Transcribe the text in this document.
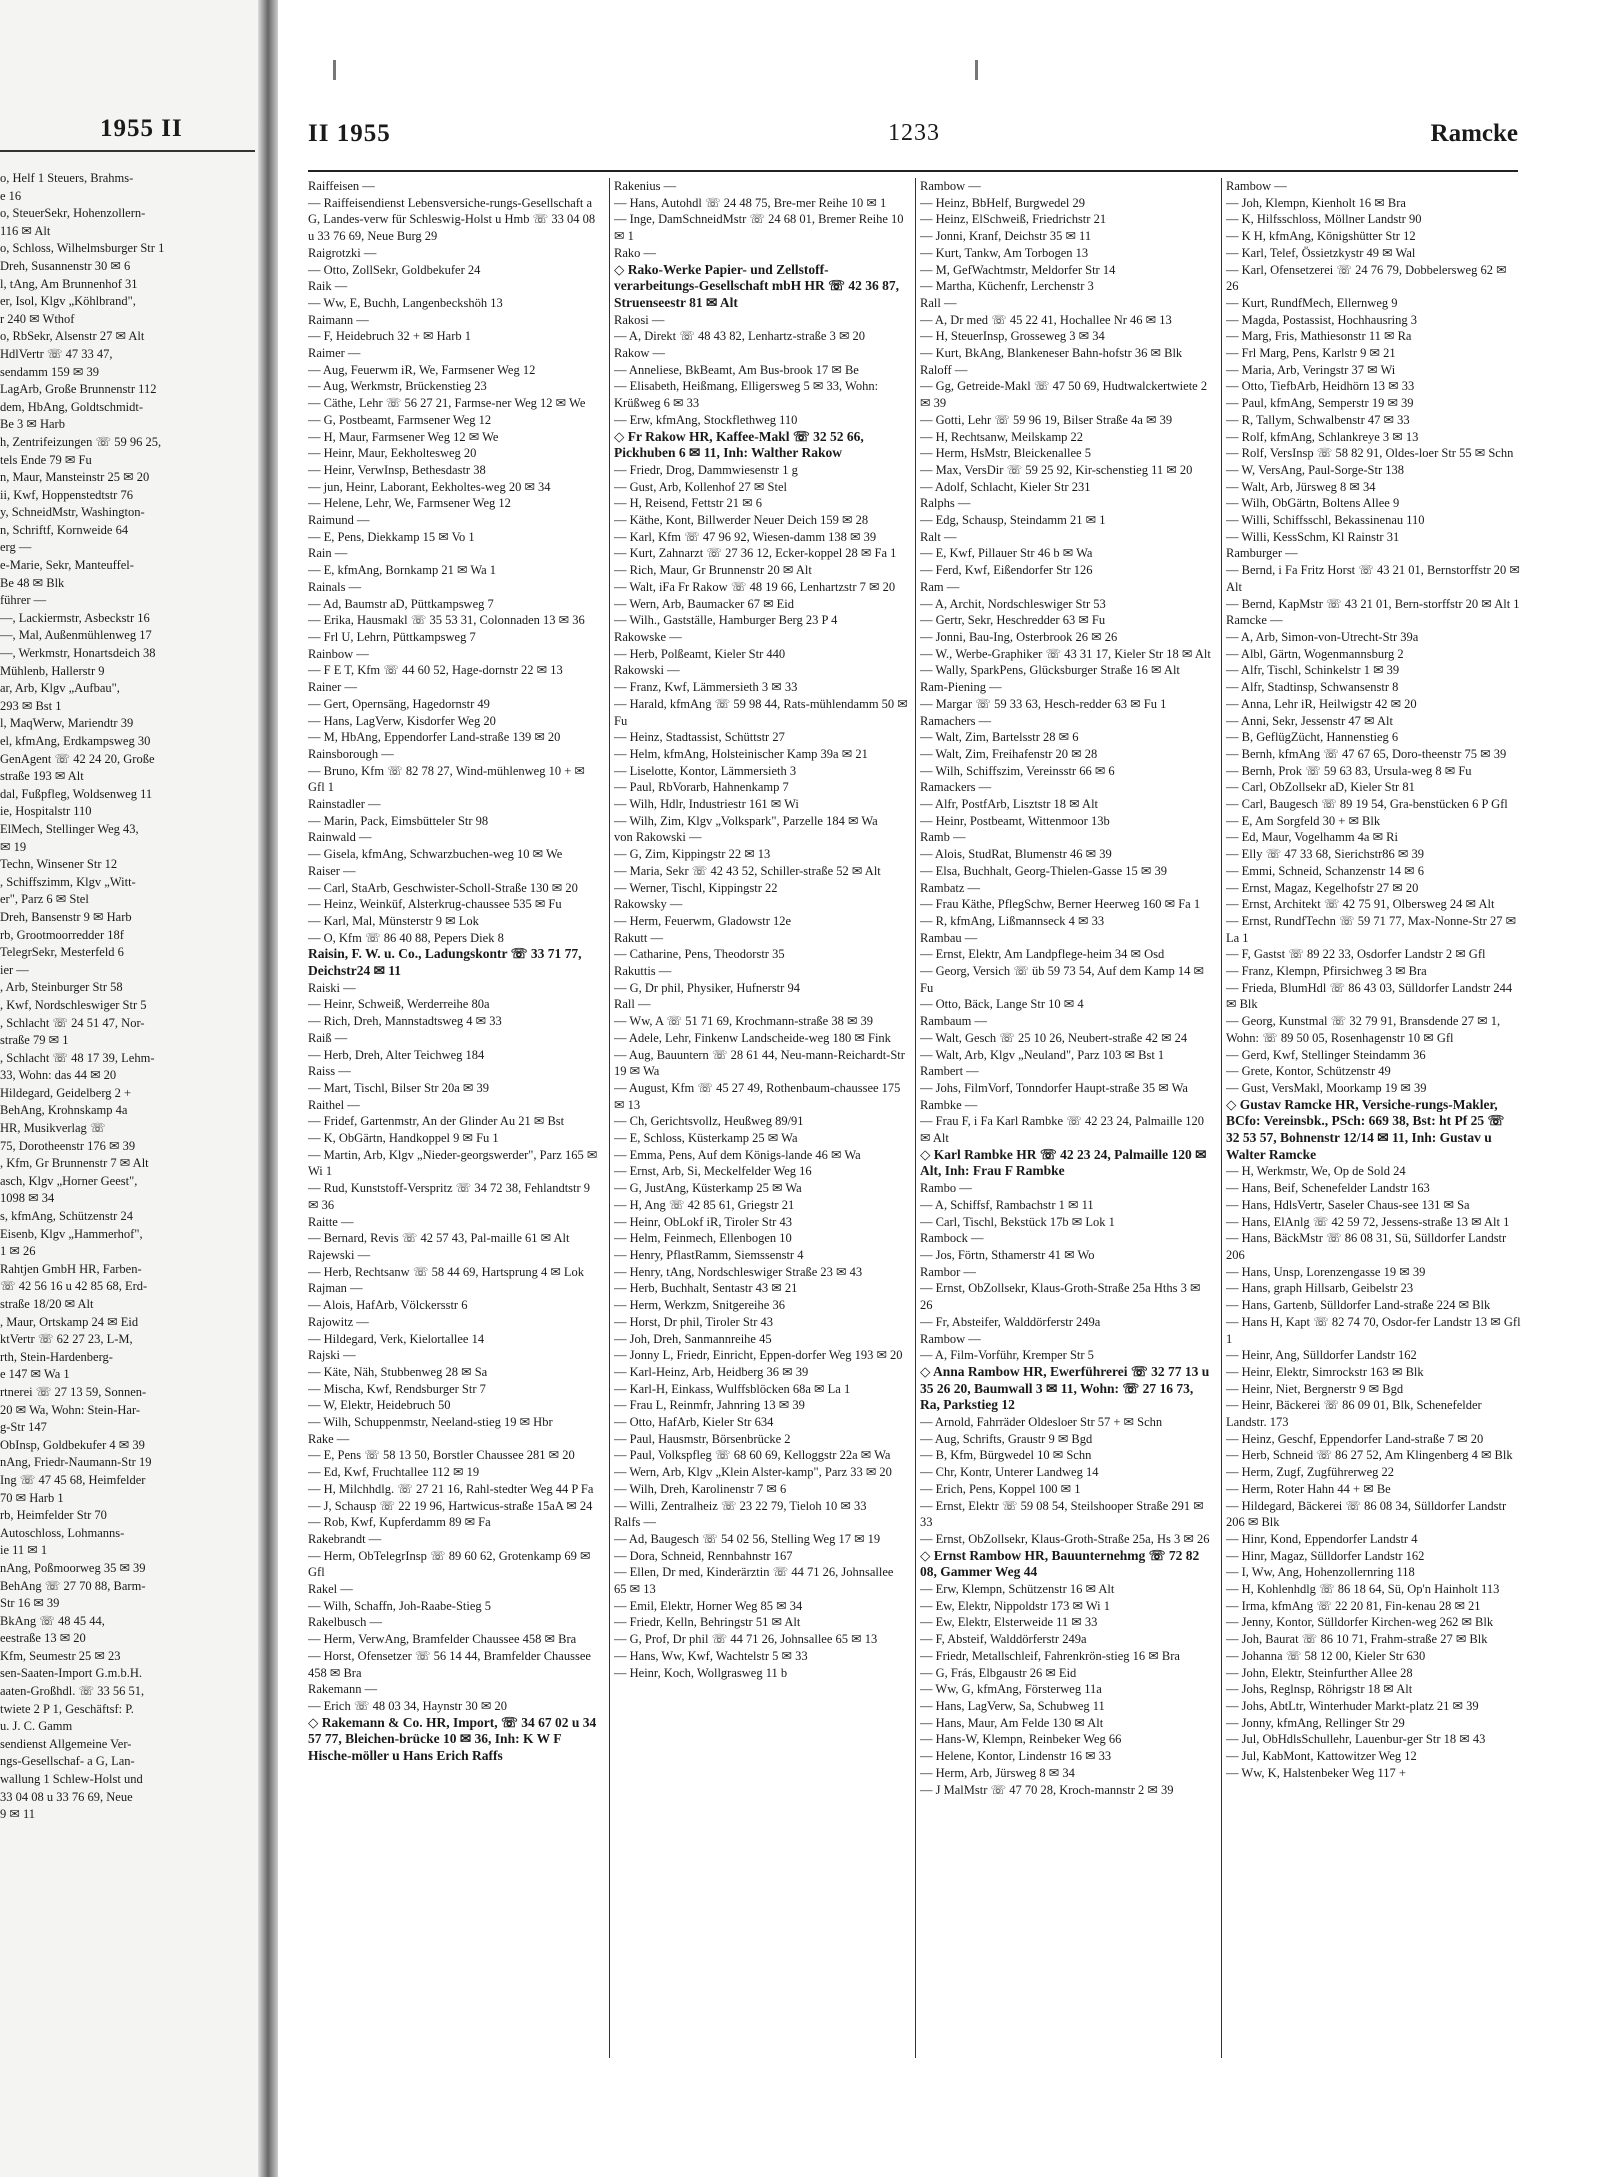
1955 II
o, Helf 1 Steuers, Brahms-
e 16
o, SteuerSekr, Hohenzollern-
116 ✉ Alt
o, Schloss, Wilhelmsburger Str 1
Dreh, Susannenstr 30 ✉ 6
l, tAng, Am Brunnenhof 31
er, Isol, Klgv „Köhlbrand",
r 240 ✉ Wthof
o, RbSekr, Alsenstr 27 ✉ Alt
HdlVertr ☏ 47 33 47,
sendamm 159 ✉ 39
LagArb, Große Brunnenstr 112
dem, HbAng, Goldtschmidt-
Be 3 ✉ Harb
h, Zentrifeizungen ☏ 59 96 25,
tels Ende 79 ✉ Fu
n, Maur, Mansteinstr 25 ✉ 20
ii, Kwf, Hoppenstedtstr 76
y, SchneidMstr, Washington-
n, Schriftf, Kornweide 64
erg —
e-Marie, Sekr, Manteuffel-
Be 48 ✉ Blk
führer —
—, Lackiermstr, Asbeckstr 16
—, Mal, Außenmühlenweg 17
—, Werkmstr, Honartsdeich 38
Mühlenb, Hallerstr 9
ar, Arb, Klgv „Aufbau",
293 ✉ Bst 1
l, MaqWerw, Mariendtr 39
el, kfmAng, Erdkampsweg 30
GenAgent ☏ 42 24 20, Große
straße 193 ✉ Alt
dal, Fußpfleg, Woldsenweg 11
ie, Hospitalstr 110
ElMech, Stellinger Weg 43,
✉ 19
Techn, Winsener Str 12
, Schiffszimm, Klgv „Witt-
er", Parz 6 ✉ Stel
Dreh, Bansenstr 9 ✉ Harb
rb, Grootmoorredder 18f
TelegrSekr, Mesterfeld 6
ier —
, Arb, Steinburger Str 58
, Kwf, Nordschleswiger Str 5
, Schlacht ☏ 24 51 47, Nor-
straße 79 ✉ 1
, Schlacht ☏ 48 17 39, Lehm-
33, Wohn: das 44 ✉ 20
Hildegard, Geidelberg 2 +
BehAng, Krohnskamp 4a
HR, Musikverlag ☏
75, Dorotheenstr 176 ✉ 39
, Kfm, Gr Brunnenstr 7 ✉ Alt
asch, Klgv „Horner Geest",
1098 ✉ 34
s, kfmAng, Schützenstr 24
Eisenb, Klgv „Hammerhof",
1 ✉ 26
Rahtjen GmbH HR, Farben-
☏ 42 56 16 u 42 85 68, Erd-
straße 18/20 ✉ Alt
, Maur, Ortskamp 24 ✉ Eid
ktVertr ☏ 62 27 23, L-M,
rth, Stein-Hardenberg-
e 147 ✉ Wa 1
rtnerei ☏ 27 13 59, Sonnen-
20 ✉ Wa, Wohn: Stein-Har-
g-Str 147
ObInsp, Goldbekufer 4 ✉ 39
nAng, Friedr-Naumann-Str 19
Ing ☏ 47 45 68, Heimfelder
70 ✉ Harb 1
rb, Heimfelder Str 70
Autoschloss, Lohmanns-
ie 11 ✉ 1
nAng, Poßmoorweg 35 ✉ 39
BehAng ☏ 27 70 88, Barm-
Str 16 ✉ 39
BkAng ☏ 48 45 44,
eestraße 13 ✉ 20
Kfm, Seumestr 25 ✉ 23
sen-Saaten-Import G.m.b.H.
aaten-Großhdl. ☏ 33 56 51,
twiete 2 P 1, Geschäftsf: P.
u. J. C. Gamm
sendienst Allgemeine Ver-
ngs-Gesellschaf- a G, Lan-
wallung 1 Schlew-Holst und
33 04 08 u 33 76 69, Neue
9 ✉ 11
II 1955	1233	Ramcke

Raiffeisen —

— Raiffeisendienst Lebensversiche-rungs-Gesellschaft a G, Landes-verw für Schleswig-Holst u Hmb ☏ 33 04 08 u 33 76 69, Neue Burg 29

Raigrotzki —

— Otto, ZollSekr, Goldbekufer 24

Raik —

— Ww, E, Buchh, Langenbeckshöh 13

Raimann —

— F, Heidebruch 32 + ✉ Harb 1

Raimer —

— Aug, Feuerwm iR, We, Farmsener Weg 12

— Aug, Werkmstr, Brückenstieg 23

— Cäthe, Lehr ☏ 56 27 21, Farmse-ner Weg 12 ✉ We

— G, Postbeamt, Farmsener Weg 12

— H, Maur, Farmsener Weg 12 ✉ We

— Heinr, Maur, Eekholtesweg 20

— Heinr, VerwInsp, Bethesdastr 38

— jun, Heinr, Laborant, Eekholtes-weg 20 ✉ 34

— Helene, Lehr, We, Farmsener Weg 12

Raimund —

— E, Pens, Diekkamp 15 ✉ Vo 1

Rain —

— E, kfmAng, Bornkamp 21 ✉ Wa 1

Rainals —

— Ad, Baumstr aD, Püttkampsweg 7

— Erika, Hausmakl ☏ 35 53 31, Colonnaden 13 ✉ 36

— Frl U, Lehrn, Püttkampsweg 7

Rainbow —

— F E T, Kfm ☏ 44 60 52, Hage-dornstr 22 ✉ 13

Rainer —

— Gert, Opernsäng, Hagedornstr 49

— Hans, LagVerw, Kisdorfer Weg 20

— M, HbAng, Eppendorfer Land-straße 139 ✉ 20

Rainsborough —

— Bruno, Kfm ☏ 82 78 27, Wind-mühlenweg 10 + ✉ Gfl 1

Rainstadler —

— Marin, Pack, Eimsbütteler Str 98

Rainwald —

— Gisela, kfmAng, Schwarzbuchen-weg 10 ✉ We

Raiser —

— Carl, StaArb, Geschwister-Scholl-Straße 130 ✉ 20

— Heinz, Weinküf, Alsterkrug-chaussee 535 ✉ Fu

— Karl, Mal, Münsterstr 9 ✉ Lok

— O, Kfm ☏ 86 40 88, Pepers Diek 8

Raisin, F. W. u. Co., Ladungskontr ☏ 33 71 77, Deichstr24 ✉ 11

Raiski —

— Heinr, Schweiß, Werderreihe 80a

— Rich, Dreh, Mannstadtsweg 4 ✉ 33

Raiß —

— Herb, Dreh, Alter Teichweg 184

Raiss —

— Mart, Tischl, Bilser Str 20a ✉ 39

Raithel —

— Fridef, Gartenmstr, An der Glinder Au 21 ✉ Bst

— K, ObGärtn, Handkoppel 9 ✉ Fu 1

— Martin, Arb, Klgv „Nieder-georgswerder", Parz 165 ✉ Wi 1

— Rud, Kunststoff-Verspritz ☏ 34 72 38, Fehlandtstr 9 ✉ 36

Raitte —

— Bernard, Revis ☏ 42 57 43, Pal-maille 61 ✉ Alt

Rajewski —

— Herb, Rechtsanw ☏ 58 44 69, Hartsprung 4 ✉ Lok

Rajman —

— Alois, HafArb, Völckersstr 6

Rajowitz —

— Hildegard, Verk, Kielortallee 14

Rajski —

— Käte, Näh, Stubbenweg 28 ✉ Sa

— Mischa, Kwf, Rendsburger Str 7

— W, Elektr, Heidebruch 50

— Wilh, Schuppenmstr, Neeland-stieg 19 ✉ Hbr

Rake —

— E, Pens ☏ 58 13 50, Borstler Chaussee 281 ✉ 20

— Ed, Kwf, Fruchtallee 112 ✉ 19

— H, Milchhdlg. ☏ 27 21 16, Rahl-stedter Weg 44 P Fa

— J, Schausp ☏ 22 19 96, Hartwicus-straße 15aA ✉ 24

— Rob, Kwf, Kupferdamm 89 ✉ Fa

Rakebrandt —

— Herm, ObTelegrInsp ☏ 89 60 62, Grotenkamp 69 ✉ Gfl

Rakel —

— Wilh, Schaffn, Joh-Raabe-Stieg 5

Rakelbusch —

— Herm, VerwAng, Bramfelder Chaussee 458 ✉ Bra

— Horst, Ofensetzer ☏ 56 14 44, Bramfelder Chaussee 458 ✉ Bra

Rakemann —

— Erich ☏ 48 03 34, Haynstr 30 ✉ 20

◇ Rakemann & Co. HR, Import, ☏ 34 67 02 u 34 57 77, Bleichen-brücke 10 ✉ 36, Inh: K W F Hische-möller u Hans Erich Raffs

Rakenius —

— Hans, Autohdl ☏ 24 48 75, Bre-mer Reihe 10 ✉ 1

— Inge, DamSchneidMstr ☏ 24 68 01, Bremer Reihe 10 ✉ 1

Rako —

◇ Rako-Werke Papier- und Zellstoff-verarbeitungs-Gesellschaft mbH HR ☏ 42 36 87, Struenseestr 81 ✉ Alt

Rakosi —

— A, Direkt ☏ 48 43 82, Lenhartz-straße 3 ✉ 20

Rakow —

— Anneliese, BkBeamt, Am Bus-brook 17 ✉ Be

— Elisabeth, Heißmang, Elligersweg 5 ✉ 33, Wohn: Krüßweg 6 ✉ 33

— Erw, kfmAng, Stockflethweg 110

◇ Fr Rakow HR, Kaffee-Makl ☏ 32 52 66, Pickhuben 6 ✉ 11, Inh: Walther Rakow

— Friedr, Drog, Dammwiesenstr 1 g

— Gust, Arb, Kollenhof 27 ✉ Stel

— H, Reisend, Fettstr 21 ✉ 6

— Käthe, Kont, Billwerder Neuer Deich 159 ✉ 28

— Karl, Kfm ☏ 47 96 92, Wiesen-damm 138 ✉ 39

— Kurt, Zahnarzt ☏ 27 36 12, Ecker-koppel 28 ✉ Fa 1

— Rich, Maur, Gr Brunnenstr 20 ✉ Alt

— Walt, iFa Fr Rakow ☏ 48 19 66, Lenhartzstr 7 ✉ 20

— Wern, Arb, Baumacker 67 ✉ Eid

— Wilh., Gastställe, Hamburger Berg 23 P 4

Rakowske —

— Herb, Polßeamt, Kieler Str 440

Rakowski —

— Franz, Kwf, Lämmersieth 3 ✉ 33

— Harald, kfmAng ☏ 59 98 44, Rats-mühlendamm 50 ✉ Fu

— Heinz, Stadtassist, Schüttstr 27

— Helm, kfmAng, Holsteinischer Kamp 39a ✉ 21

— Liselotte, Kontor, Lämmersieth 3

— Paul, RbVorarb, Hahnenkamp 7

— Wilh, Hdlr, Industriestr 161 ✉ Wi

— Wilh, Zim, Klgv „Volkspark", Parzelle 184 ✉ Wa

von Rakowski —

— G, Zim, Kippingstr 22 ✉ 13

— Maria, Sekr ☏ 42 43 52, Schiller-straße 52 ✉ Alt

— Werner, Tischl, Kippingstr 22

Rakowsky —

— Herm, Feuerwm, Gladowstr 12e

Rakutt —

— Catharine, Pens, Theodorstr 35

Rakuttis —

— G, Dr phil, Physiker, Hufnerstr 94

Rall —

— Ww, A ☏ 51 71 69, Krochmann-straße 38 ✉ 39

— Adele, Lehr, Finkenw Landscheide-weg 180 ✉ Fink

— Aug, Bauuntern ☏ 28 61 44, Neu-mann-Reichardt-Str 19 ✉ Wa

— August, Kfm ☏ 45 27 49, Rothenbaum-chaussee 175 ✉ 13

— Ch, Gerichtsvollz, Heußweg 89/91

— E, Schloss, Küsterkamp 25 ✉ Wa

— Emma, Pens, Auf dem Königs-lande 46 ✉ Wa

— Ernst, Arb, Si, Meckelfelder Weg 16

— G, JustAng, Küsterkamp 25 ✉ Wa

— H, Ang ☏ 42 85 61, Griegstr 21

— Heinr, ObLokf iR, Tiroler Str 43

— Helm, Feinmech, Ellenbogen 10

— Henry, PflastRamm, Siemssenstr 4

— Henry, tAng, Nordschleswiger Straße 23 ✉ 43

— Herb, Buchhalt, Sentastr 43 ✉ 21

— Herm, Werkzm, Snitgereihe 36

— Horst, Dr phil, Tiroler Str 43

— Joh, Dreh, Sanmannreihe 45

— Jonny L, Friedr, Einricht, Eppen-dorfer Weg 193 ✉ 20

— Karl-Heinz, Arb, Heidberg 36 ✉ 39

— Karl-H, Einkass, Wulffsblöcken 68a ✉ La 1

— Frau L, Reinmfr, Jahnring 13 ✉ 39

— Otto, HafArb, Kieler Str 634

— Paul, Hausmstr, Börsenbrücke 2

— Paul, Volkspfleg ☏ 68 60 69, Kelloggstr 22a ✉ Wa

— Wern, Arb, Klgv „Klein Alster-kamp", Parz 33 ✉ 20

— Wilh, Dreh, Karolinenstr 7 ✉ 6

— Willi, Zentralheiz ☏ 23 22 79, Tieloh 10 ✉ 33

Ralfs —

— Ad, Baugesch ☏ 54 02 56, Stelling Weg 17 ✉ 19

— Dora, Schneid, Rennbahnstr 167

— Ellen, Dr med, Kinderärztin ☏ 44 71 26, Johnsallee 65 ✉ 13

— Emil, Elektr, Horner Weg 85 ✉ 34

— Friedr, Kelln, Behringstr 51 ✉ Alt

— G, Prof, Dr phil ☏ 44 71 26, Johnsallee 65 ✉ 13

— Hans, Ww, Kwf, Wachtelstr 5 ✉ 33

— Heinr, Koch, Wollgrasweg 11 b

Rambow —

— Heinz, BbHelf, Burgwedel 29

— Heinz, ElSchweiß, Friedrichstr 21

— Jonni, Kranf, Deichstr 35 ✉ 11

— Kurt, Tankw, Am Torbogen 13

— M, GefWachtmstr, Meldorfer Str 14

— Martha, Küchenfr, Lerchenstr 3

Rall —

— A, Dr med ☏ 45 22 41, Hochallee Nr 46 ✉ 13

— H, SteuerInsp, Grosseweg 3 ✉ 34

— Kurt, BkAng, Blankeneser Bahn-hofstr 36 ✉ Blk

Raloff —

— Gg, Getreide-Makl ☏ 47 50 69, Hudtwalckertwiete 2 ✉ 39

— Gotti, Lehr ☏ 59 96 19, Bilser Straße 4a ✉ 39

— H, Rechtsanw, Meilskamp 22

— Herm, HsMstr, Bleickenallee 5

— Max, VersDir ☏ 59 25 92, Kir-schenstieg 11 ✉ 20

— Adolf, Schlacht, Kieler Str 231

Ralphs —

— Edg, Schausp, Steindamm 21 ✉ 1

Ralt —

— E, Kwf, Pillauer Str 46 b ✉ Wa

— Ferd, Kwf, Eißendorfer Str 126

Ram —

— A, Archit, Nordschleswiger Str 53

— Gertr, Sekr, Heschredder 63 ✉ Fu

— Jonni, Bau-Ing, Osterbrook 26 ✉ 26

— W., Werbe-Graphiker ☏ 43 31 17, Kieler Str 18 ✉ Alt

— Wally, SparkPens, Glücksburger Straße 16 ✉ Alt

Ram-Piening —

— Margar ☏ 59 33 63, Hesch-redder 63 ✉ Fu 1

Ramachers —

— Walt, Zim, Bartelsstr 28 ✉ 6

— Walt, Zim, Freihafenstr 20 ✉ 28

— Wilh, Schiffszim, Vereinsstr 66 ✉ 6

Ramackers —

— Alfr, PostfArb, Lisztstr 18 ✉ Alt

— Heinr, Postbeamt, Wittenmoor 13b

Ramb —

— Alois, StudRat, Blumenstr 46 ✉ 39

— Elsa, Buchhalt, Georg-Thielen-Gasse 15 ✉ 39

Rambatz —

— Frau Käthe, PflegSchw, Berner Heerweg 160 ✉ Fa 1

— R, kfmAng, Lißmannseck 4 ✉ 33

Rambau —

— Ernst, Elektr, Am Landpflege-heim 34 ✉ Osd

— Georg, Versich ☏ üb 59 73 54, Auf dem Kamp 14 ✉ Fu

— Otto, Bäck, Lange Str 10 ✉ 4

Rambaum —

— Walt, Gesch ☏ 25 10 26, Neubert-straße 42 ✉ 24

— Walt, Arb, Klgv „Neuland", Parz 103 ✉ Bst 1

Rambert —

— Johs, FilmVorf, Tonndorfer Haupt-straße 35 ✉ Wa

Rambke —

— Frau F, i Fa Karl Rambke ☏ 42 23 24, Palmaille 120 ✉ Alt

◇ Karl Rambke HR ☏ 42 23 24, Palmaille 120 ✉ Alt, Inh: Frau F Rambke

Rambo —

— A, Schiffsf, Rambachstr 1 ✉ 11

— Carl, Tischl, Bekstück 17b ✉ Lok 1

Rambock —

— Jos, Förtn, Sthamerstr 41 ✉ Wo

Rambor —

— Ernst, ObZollsekr, Klaus-Groth-Straße 25a Hths 3 ✉ 26

— Fr, Absteifer, Walddörferstr 249a

Rambow —

— A, Film-Vorführ, Kremper Str 5

◇ Anna Rambow HR, Ewerführerei ☏ 32 77 13 u 35 26 20, Baumwall 3 ✉ 11, Wohn: ☏ 27 16 73, Ra, Parkstieg 12

— Arnold, Fahrräder Oldesloer Str 57 + ✉ Schn

— Aug, Schrifts, Graustr 9 ✉ Bgd

— B, Kfm, Bürgwedel 10 ✉ Schn

— Chr, Kontr, Unterer Landweg 14

— Erich, Pens, Koppel 100 ✉ 1

— Ernst, Elektr ☏ 59 08 54, Steilshooper Straße 291 ✉ 33

— Ernst, ObZollsekr, Klaus-Groth-Straße 25a, Hs 3 ✉ 26

◇ Ernst Rambow HR, Bauunternehmg ☏ 72 82 08, Gammer Weg 44

— Erw, Klempn, Schützenstr 16 ✉ Alt

— Ew, Elektr, Nippoldstr 173 ✉ Wi 1

— Ew, Elektr, Elsterweide 11 ✉ 33

— F, Absteif, Walddörferstr 249a

— Friedr, Metallschleif, Fahrenkrön-stieg 16 ✉ Bra

— G, Frás, Elbgaustr 26 ✉ Eid

— Ww, G, kfmAng, Försterweg 11a

— Hans, LagVerw, Sa, Schubweg 11

— Hans, Maur, Am Felde 130 ✉ Alt

— Hans-W, Klempn, Reinbeker Weg 66

— Helene, Kontor, Lindenstr 16 ✉ 33

— Herm, Arb, Jürsweg 8 ✉ 34

— J MalMstr ☏ 47 70 28, Kroch-mannstr 2 ✉ 39

Rambow —

— Joh, Klempn, Kienholt 16 ✉ Bra

— K, Hilfsschloss, Möllner Landstr 90

— K H, kfmAng, Königshütter Str 12

— Karl, Telef, Össietzkystr 49 ✉ Wal

— Karl, Ofensetzerei ☏ 24 76 79, Dobbelersweg 62 ✉ 26

— Kurt, RundfMech, Ellernweg 9

— Magda, Postassist, Hochhausring 3

— Marg, Fris, Mathiesonstr 11 ✉ Ra

— Frl Marg, Pens, Karlstr 9 ✉ 21

— Maria, Arb, Veringstr 37 ✉ Wi

— Otto, TiefbArb, Heidhörn 13 ✉ 33

— Paul, kfmAng, Semperstr 19 ✉ 39

— R, Tallym, Schwalbenstr 47 ✉ 33

— Rolf, kfmAng, Schlankreye 3 ✉ 13

— Rolf, VersInsp ☏ 58 82 91, Oldes-loer Str 55 ✉ Schn

— W, VersAng, Paul-Sorge-Str 138

— Walt, Arb, Jürsweg 8 ✉ 34

— Wilh, ObGärtn, Boltens Allee 9

— Willi, Schiffsschl, Bekassinenau 110

— Willi, KessSchm, Kl Rainstr 31

Ramburger —

— Bernd, i Fa Fritz Horst ☏ 43 21 01, Bernstorffstr 20 ✉ Alt

— Bernd, KapMstr ☏ 43 21 01, Bern-storffstr 20 ✉ Alt 1

Ramcke —

— A, Arb, Simon-von-Utrecht-Str 39a

— Albl, Gärtn, Wogenmannsburg 2

— Alfr, Tischl, Schinkelstr 1 ✉ 39

— Alfr, Stadtinsp, Schwansenstr 8

— Anna, Lehr iR, Heilwigstr 42 ✉ 20

— Anni, Sekr, Jessenstr 47 ✉ Alt

— B, GeflügZücht, Hannenstieg 6

— Bernh, kfmAng ☏ 47 67 65, Doro-theenstr 75 ✉ 39

— Bernh, Prok ☏ 59 63 83, Ursula-weg 8 ✉ Fu

— Carl, ObZollsekr aD, Kieler Str 81

— Carl, Baugesch ☏ 89 19 54, Gra-benstücken 6 P Gfl

— E, Am Sorgfeld 30 + ✉ Blk

— Ed, Maur, Vogelhamm 4a ✉ Ri

— Elly ☏ 47 33 68, Sierichstr86 ✉ 39

— Emmi, Schneid, Schanzenstr 14 ✉ 6

— Ernst, Magaz, Kegelhofstr 27 ✉ 20

— Ernst, Architekt ☏ 42 75 91, Olbersweg 24 ✉ Alt

— Ernst, RundfTechn ☏ 59 71 77, Max-Nonne-Str 27 ✉ La 1

— F, Gastst ☏ 89 22 33, Osdorfer Landstr 2 ✉ Gfl

— Franz, Klempn, Pfirsichweg 3 ✉ Bra

— Frieda, BlumHdl ☏ 86 43 03, Sülldorfer Landstr 244 ✉ Blk

— Georg, Kunstmal ☏ 32 79 91, Bransdende 27 ✉ 1, Wohn: ☏ 89 50 05, Rosenhagenstr 10 ✉ Gfl

— Gerd, Kwf, Stellinger Steindamm 36

— Grete, Kontor, Schützenstr 49

— Gust, VersMakl, Moorkamp 19 ✉ 39

◇ Gustav Ramcke HR, Versiche-rungs-Makler, BCfo: Vereinsbk., PSch: 669 38, Bst: ht Pf 25 ☏ 32 53 57, Bohnenstr 12/14 ✉ 11, Inh: Gustav u Walter Ramcke

— H, Werkmstr, We, Op de Sold 24

— Hans, Beif, Schenefelder Landstr 163

— Hans, HdlsVertr, Saseler Chaus-see 131 ✉ Sa

— Hans, ElAnlg ☏ 42 59 72, Jessens-straße 13 ✉ Alt 1

— Hans, BäckMstr ☏ 86 08 31, Sü, Sülldorfer Landstr 206

— Hans, Unsp, Lorenzengasse 19 ✉ 39

— Hans, graph Hillsarb, Geibelstr 23

— Hans, Gartenb, Sülldorfer Land-straße 224 ✉ Blk

— Hans H, Kapt ☏ 82 74 70, Osdor-fer Landstr 13 ✉ Gfl 1

— Heinr, Ang, Sülldorfer Landstr 162

— Heinr, Elektr, Simrockstr 163 ✉ Blk

— Heinr, Niet, Bergnerstr 9 ✉ Bgd

— Heinr, Bäckerei ☏ 86 09 01, Blk, Schenefelder Landstr. 173

— Heinz, Geschf, Eppendorfer Land-straße 7 ✉ 20

— Herb, Schneid ☏ 86 27 52, Am Klingenberg 4 ✉ Blk

— Herm, Zugf, Zugführerweg 22

— Herm, Roter Hahn 44 + ✉ Be

— Hildegard, Bäckerei ☏ 86 08 34, Sülldorfer Landstr 206 ✉ Blk

— Hinr, Kond, Eppendorfer Landstr 4

— Hinr, Magaz, Sülldorfer Landstr 162

— I, Ww, Ang, Hohenzollernring 118

— H, Kohlenhdlg ☏ 86 18 64, Sü, Op'n Hainholt 113

— Irma, kfmAng ☏ 22 20 81, Fin-kenau 28 ✉ 21

— Jenny, Kontor, Sülldorfer Kirchen-weg 262 ✉ Blk

— Joh, Baurat ☏ 86 10 71, Frahm-straße 27 ✉ Blk

— Johanna ☏ 58 12 00, Kieler Str 630

— John, Elektr, Steinfurther Allee 28

— Johs, Reglnsp, Röhrigstr 18 ✉ Alt

— Johs, AbtLtr, Winterhuder Markt-platz 21 ✉ 39

— Jonny, kfmAng, Rellinger Str 29

— Jul, ObHdlsSchullehr, Lauenbur-ger Str 18 ✉ 43

— Jul, KabMont, Kattowitzer Weg 12

— Ww, K, Halstenbeker Weg 117 +
